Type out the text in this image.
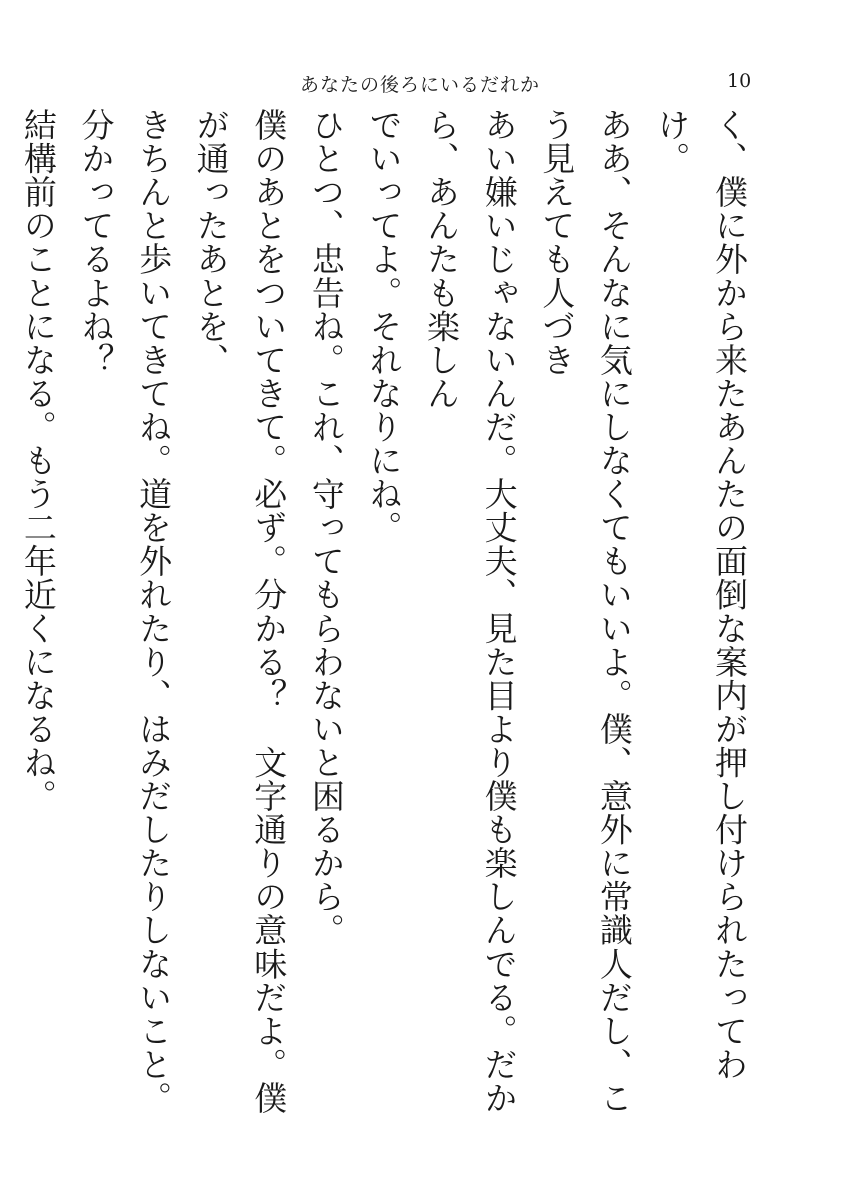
あなたの後ろにいるだれか	10

く、僕に外から来たあんたの面倒な案内が押し付けられたってわけ。

ああ、そんなに気にしなくてもいいよ。僕、意外に常識人だし、こう見えても人づき

あい嫌いじゃないんだ。大丈夫、見た目より僕も楽しんでる。だから、あんたも楽しん

でいってよ。それなりにね。

ひとつ、忠告ね。これ、守ってもらわないと困るから。

僕のあとをついてきて。必ず。分かる？　文字通りの意味だよ。僕が通ったあとを、

きちんと歩いてきてね。道を外れたり、はみだしたりしないこと。分かってるよね？

結構前のことになる。もう二年近くになるね。
